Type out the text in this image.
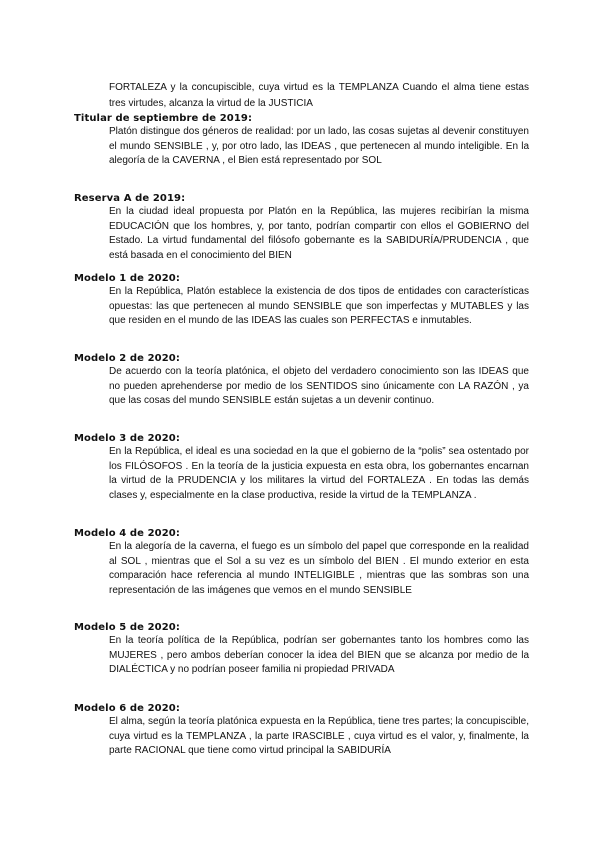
FORTALEZA y la concupiscible, cuya virtud es la TEMPLANZA Cuando el alma tiene estas tres virtudes, alcanza la virtud de la JUSTICIA

Titular de septiembre de 2019:

Platón distingue dos géneros de realidad: por un lado, las cosas sujetas al devenir constituyen el mundo SENSIBLE , y, por otro lado, las IDEAS , que pertenecen al mundo inteligible. En la alegoría de la CAVERNA , el Bien está representado por SOL

Reserva A de 2019:

En la ciudad ideal propuesta por Platón en la República, las mujeres recibirían la misma EDUCACIÓN que los hombres, y, por tanto, podrían compartir con ellos el GOBIERNO del Estado. La virtud fundamental del filósofo gobernante es la SABIDURÍA/PRUDENCIA , que está basada en el conocimiento del BIEN

Modelo 1 de 2020:

En la República, Platón establece la existencia de dos tipos de entidades con características opuestas: las que pertenecen al mundo SENSIBLE que son imperfectas y MUTABLES y las que residen en el mundo de las IDEAS las cuales son PERFECTAS e inmutables.

Modelo 2 de 2020:

De acuerdo con la teoría platónica, el objeto del verdadero conocimiento son las IDEAS que no pueden aprehenderse por medio de los SENTIDOS sino únicamente con LA RAZÓN , ya que las cosas del mundo SENSIBLE están sujetas a un devenir continuo.

Modelo 3 de 2020:

En la República, el ideal es una sociedad en la que el gobierno de la “polis” sea ostentado por los FILÓSOFOS . En la teoría de la justicia expuesta en esta obra, los gobernantes encarnan la virtud de la PRUDENCIA y los militares la virtud del FORTALEZA . En todas las demás clases y, especialmente en la clase productiva, reside la virtud de la TEMPLANZA .

Modelo 4 de 2020:

En la alegoría de la caverna, el fuego es un símbolo del papel que corresponde en la realidad al SOL , mientras que el Sol a su vez es un símbolo del BIEN . El mundo exterior en esta comparación hace referencia al mundo INTELIGIBLE , mientras que las sombras son una representación de las imágenes que vemos en el mundo SENSIBLE

Modelo 5 de 2020:

En la teoría política de la República, podrían ser gobernantes tanto los hombres como las MUJERES , pero ambos deberían conocer la idea del BIEN que se alcanza por medio de la DIALÉCTICA y no podrían poseer familia ni propiedad PRIVADA

Modelo 6 de 2020:

El alma, según la teoría platónica expuesta en la República, tiene tres partes; la concupiscible, cuya virtud es la TEMPLANZA , la parte IRASCIBLE , cuya virtud es el valor, y, finalmente, la parte RACIONAL que tiene como virtud principal la SABIDURÍA
